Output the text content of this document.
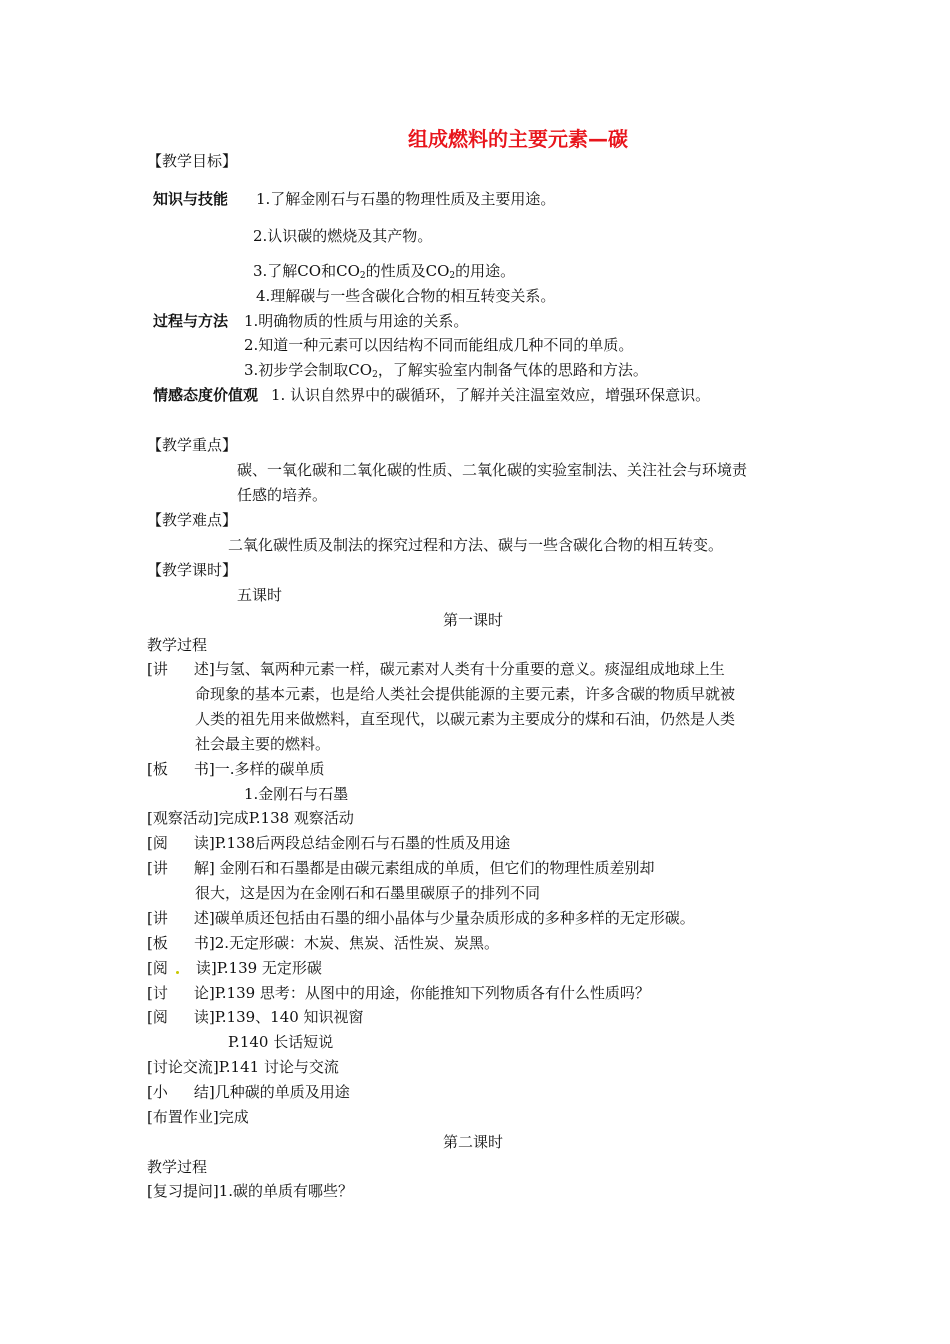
组成燃料的主要元素—碳
【教学目标】
知识与技能 1.了解金刚石与石墨的物理性质及主要用途。
2.认识碳的燃烧及其产物。
3.了解CO和$CO_2$的性质及$CO_2$的用途。
4.理解碳与一些含碳化合物的相互转变关系。
过程与方法 1.明确物质的性质与用途的关系。
2.知道一种元素可以因结构不同而能组成几种不同的单质。
3.初步学会制取$CO_2$，了解实验室内制备气体的思路和方法。
情感态度价值观 1. 认识自然界中的碳循环，了解并关注温室效应，增强环保意识。
【教学重点】
碳、一氧化碳和二氧化碳的性质、二氧化碳的实验室制法、关注社会与环境责
任感的培养。
【教学难点】
二氧化碳性质及制法的探究过程和方法、碳与一些含碳化合物的相互转变。
【教学课时】
五课时
第一课时
教学过程
[讲 述]与氢、氧两种元素一样，碳元素对人类有十分重要的意义。痰湿组成地球上生
命现象的基本元素，也是给人类社会提供能源的主要元素，许多含碳的物质早就被
人类的祖先用来做燃料，直至现代，以碳元素为主要成分的煤和石油，仍然是人类
社会最主要的燃料。
[板 书]一.多样的碳单质
1.金刚石与石墨
[观察活动]完成P.138 观察活动
[阅 读]P.138后两段总结金刚石与石墨的性质及用途
[讲 解] 金刚石和石墨都是由碳元素组成的单质，但它们的物理性质差别却
很大，这是因为在金刚石和石墨里碳原子的排列不同
[讲 述]碳单质还包括由石墨的细小晶体与少量杂质形成的多种多样的无定形碳。
[板 书]2.无定形碳：木炭、焦炭、活性炭、炭黑。
[阅 读]P.139 无定形碳
[讨 论]P.139 思考：从图中的用途，你能推知下列物质各有什么性质吗？
[阅 读]P.139、140 知识视窗
P.140 长话短说
[讨论交流]P.141 讨论与交流
[小 结]几种碳的单质及用途
[布置作业]完成
第二课时
教学过程
[复习提问]1.碳的单质有哪些？
